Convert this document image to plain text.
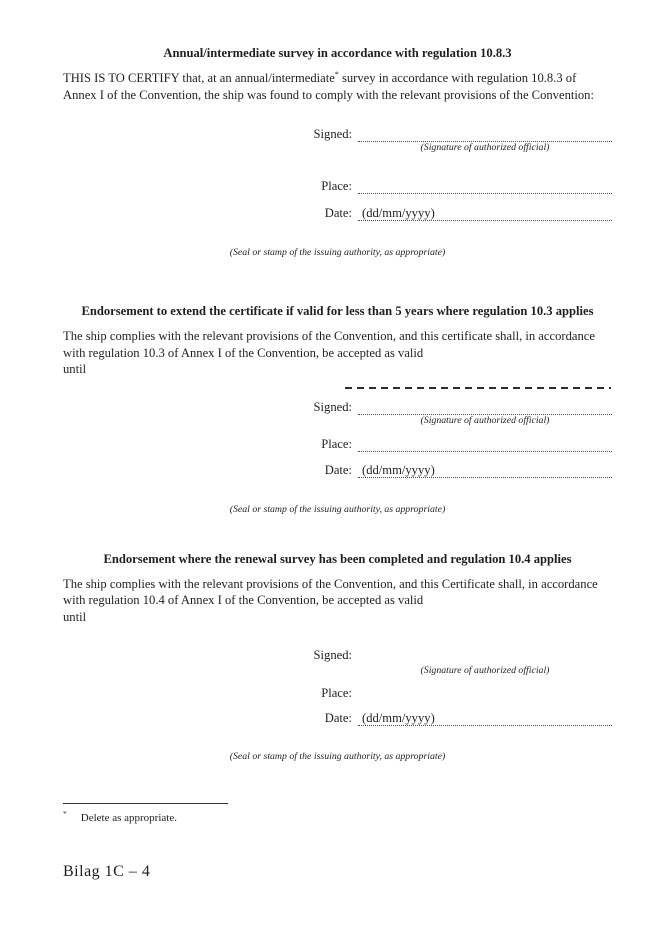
Annual/intermediate survey in accordance with regulation 10.8.3
THIS IS TO CERTIFY that, at an annual/intermediate* survey in accordance with regulation 10.8.3 of Annex I of the Convention, the ship was found to comply with the relevant provisions of the Convention:
Signed:
(Signature of authorized official)
Place:
Date: (dd/mm/yyyy)
(Seal or stamp of the issuing authority, as appropriate)
Endorsement to extend the certificate if valid for less than 5 years where regulation 10.3 applies
The ship complies with the relevant provisions of the Convention, and this certificate shall, in accordance with regulation 10.3 of Annex I of the Convention, be accepted as valid
until
Signed:
(Signature of authorized official)
Place:
Date: (dd/mm/yyyy)
(Seal or stamp of the issuing authority, as appropriate)
Endorsement where the renewal survey has been completed and regulation 10.4 applies
The ship complies with the relevant provisions of the Convention, and this Certificate shall, in accordance with regulation 10.4 of Annex I of the Convention, be accepted as valid
until
Signed:
(Signature of authorized official)
Place:
Date: (dd/mm/yyyy)
(Seal or stamp of the issuing authority, as appropriate)
* Delete as appropriate.
Bilag 1C – 4
